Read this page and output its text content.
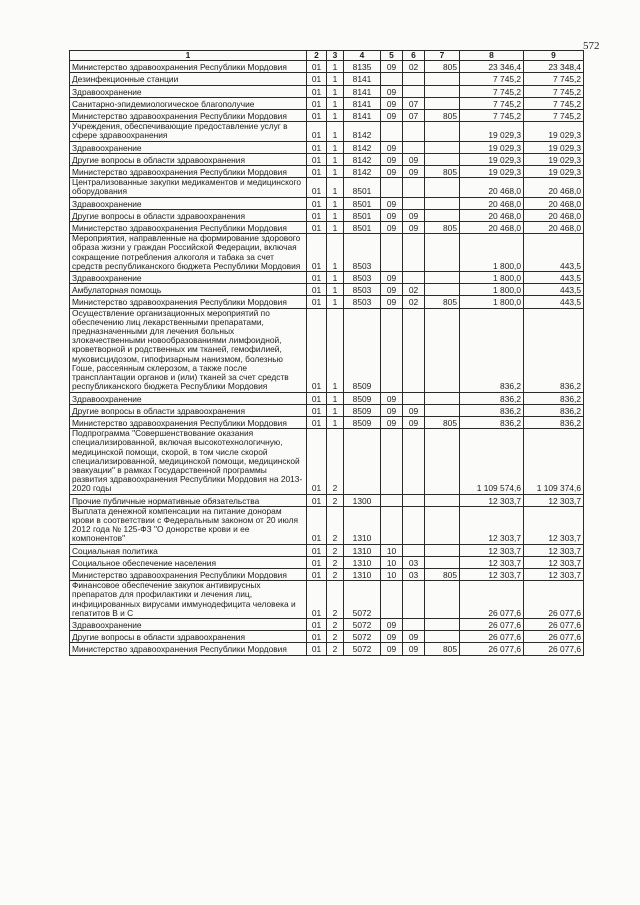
572
1	2	3	4	5	6	7	8	9
Министерство здравоохранения Республики Мордовия	01	1	8135	09	02	805	23 346,4	23 348,4
Дезинфекционные станции	01	1	8141				7 745,2	7 745,2
Здравоохранение	01	1	8141	09			7 745,2	7 745,2
Санитарно-эпидемиологическое благополучие	01	1	8141	09	07		7 745,2	7 745,2
Министерство здравоохранения Республики Мордовия	01	1	8141	09	07	805	7 745,2	7 745,2
Учреждения, обеспечивающие предоставление услуг в сфере здравоохранения	01	1	8142				19 029,3	19 029,3
Здравоохранение	01	1	8142	09			19 029,3	19 029,3
Другие вопросы в области здравоохранения	01	1	8142	09	09		19 029,3	19 029,3
Министерство здравоохранения Республики Мордовия	01	1	8142	09	09	805	19 029,3	19 029,3
Централизованные закупки медикаментов и медицинского оборудования	01	1	8501				20 468,0	20 468,0
Здравоохранение	01	1	8501	09			20 468,0	20 468,0
Другие вопросы в области здравоохранения	01	1	8501	09	09		20 468,0	20 468,0
Министерство здравоохранения Республики Мордовия	01	1	8501	09	09	805	20 468,0	20 468,0
Мероприятия, направленные на формирование здорового образа жизни у граждан Российской Федерации, включая сокращение потребления алкоголя и табака за счет средств республиканского бюджета Республики Мордовия	01	1	8503				1 800,0	443,5
Здравоохранение	01	1	8503	09			1 800,0	443,5
Амбулаторная помощь	01	1	8503	09	02		1 800,0	443,5
Министерство здравоохранения Республики Мордовия	01	1	8503	09	02	805	1 800,0	443,5
Осуществление организационных мероприятий по обеспечению лиц лекарственными препаратами, предназначенными для лечения больных злокачественными новообразованиями лимфоидной, кроветворной и родственных им тканей, гемофилией, муковисцидозом, гипофизарным нанизмом, болезнью Гоше, рассеянным склерозом, а также после трансплантации органов и (или) тканей за счет средств республиканского бюджета Республики Мордовия	01	1	8509				836,2	836,2
Здравоохранение	01	1	8509	09			836,2	836,2
Другие вопросы в области здравоохранения	01	1	8509	09	09		836,2	836,2
Министерство здравоохранения Республики Мордовия	01	1	8509	09	09	805	836,2	836,2
Подпрограмма "Совершенствование оказания специализированной, включая высокотехнологичную, медицинской помощи, скорой, в том числе скорой специализированной, медицинской помощи, медицинской эвакуации" в рамках Государственной программы развития здравоохранения Республики Мордовия на 2013-2020 годы	01	2					1 109 574,6	1 109 374,6
Прочие публичные нормативные обязательства	01	2	1300				12 303,7	12 303,7
Выплата денежной компенсации на питание донорам крови в соответствии с Федеральным законом от 20 июля 2012 года № 125-ФЗ "О донорстве крови и ее компонентов"	01	2	1310				12 303,7	12 303,7
Социальная политика	01	2	1310	10			12 303,7	12 303,7
Социальное обеспечение населения	01	2	1310	10	03		12 303,7	12 303,7
Министерство здравоохранения Республики Мордовия	01	2	1310	10	03	805	12 303,7	12 303,7
Финансовое обеспечение закупок антивирусных препаратов для профилактики и лечения лиц, инфицированных вирусами иммунодефицита человека и гепатитов В и С	01	2	5072				26 077,6	26 077,6
Здравоохранение	01	2	5072	09			26 077,6	26 077,6
Другие вопросы в области здравоохранения	01	2	5072	09	09		26 077,6	26 077,6
Министерство здравоохранения Республики Мордовия	01	2	5072	09	09	805	26 077,6	26 077,6
